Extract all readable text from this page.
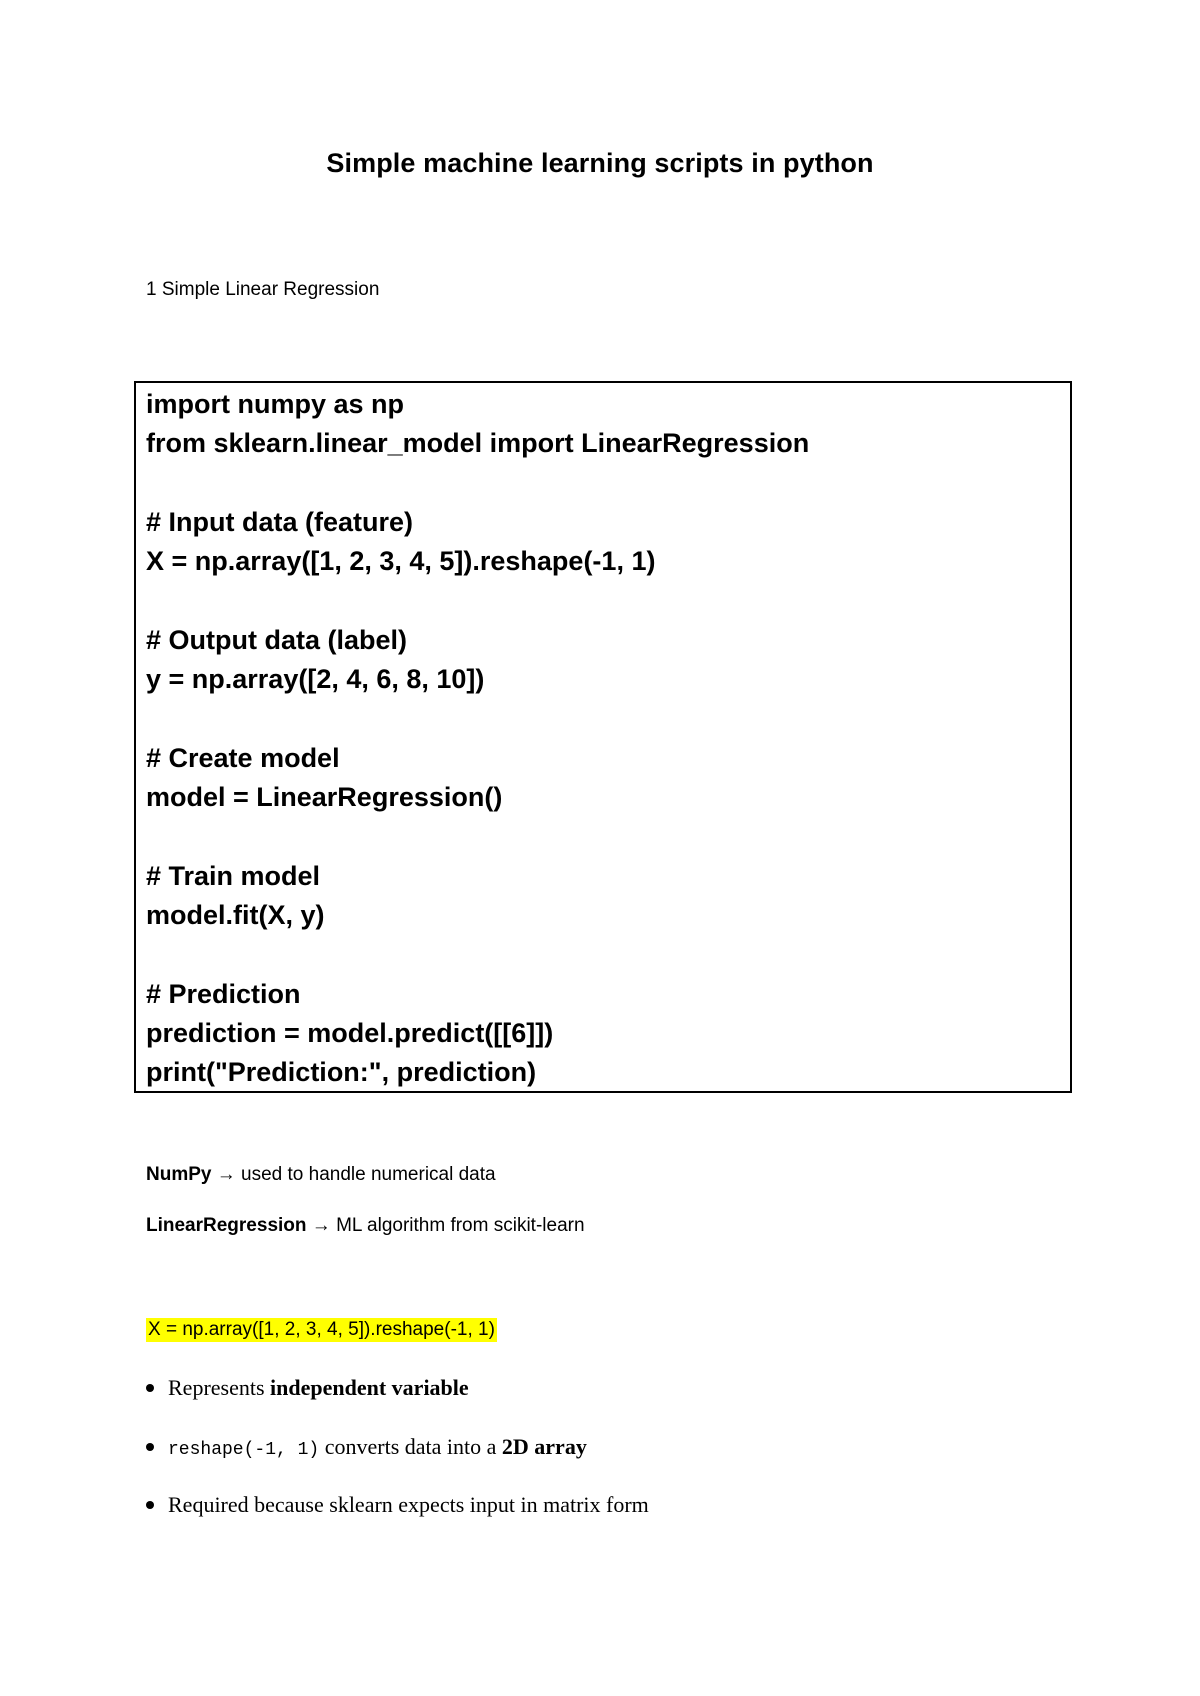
Simple machine learning scripts in python
1 Simple Linear Regression
import numpy as np
from sklearn.linear_model import LinearRegression
# Input data (feature)
X = np.array([1, 2, 3, 4, 5]).reshape(-1, 1)
# Output data (label)
y = np.array([2, 4, 6, 8, 10])
# Create model
model = LinearRegression()
# Train model
model.fit(X, y)
# Prediction
prediction = model.predict([[6]])
print("Prediction:", prediction)
NumPy → used to handle numerical data
LinearRegression → ML algorithm from scikit-learn
X = np.array([1, 2, 3, 4, 5]).reshape(-1, 1)
Represents independent variable
reshape(-1, 1) converts data into a 2D array
Required because sklearn expects input in matrix form
